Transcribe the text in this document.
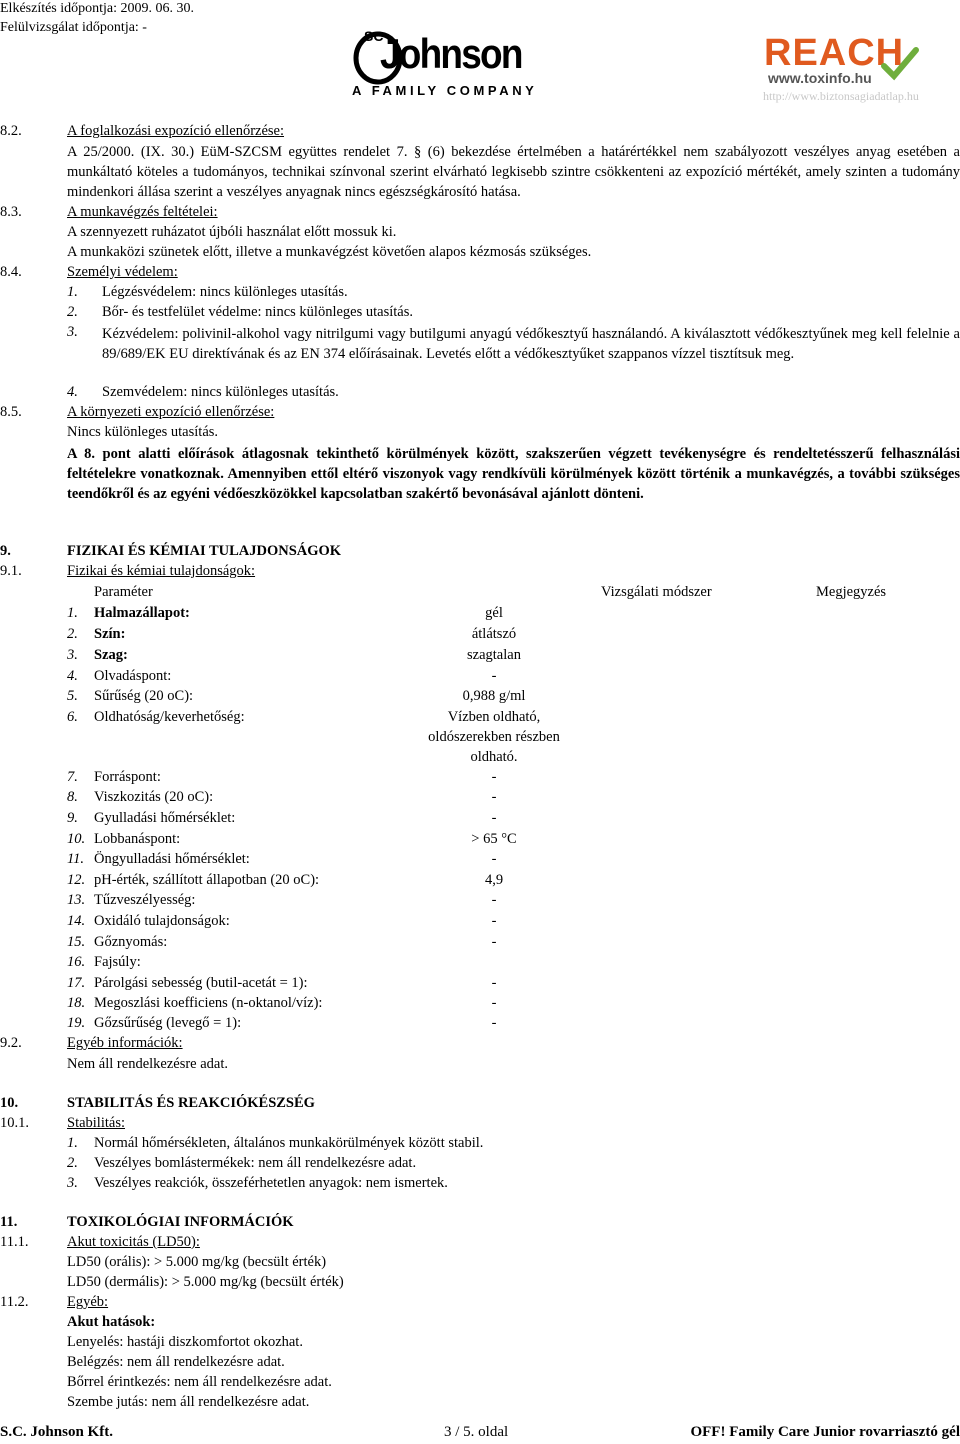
Elkészítés időpontja: 2009. 06. 30.
Felülvizsgálat időpontja: -
SC
Johnson
A FAMILY COMPANY
REACH
www.toxinfo.hu
http://www.biztonsagiadatlap.hu
8.2.	A foglalkozási expozíció ellenőrzése:
A 25/2000. (IX. 30.) EüM-SZCSM együttes rendelet 7. § (6) bekezdése értelmében a határértékkel nem szabályozott veszélyes anyag esetében a munkáltató köteles a tudományos, technikai színvonal szerint elvárható legkisebb szintre csökkenteni az expozíció mértékét, amely szinten a tudomány mindenkori állása szerint a veszélyes anyagnak nincs egészségkárosító hatása.
8.3.	A munkavégzés feltételei:
A szennyezett ruházatot újbóli használat előtt mossuk ki.
A munkaközi szünetek előtt, illetve a munkavégzést követően alapos kézmosás szükséges.
8.4.	Személyi védelem:
1. Légzésvédelem: nincs különleges utasítás.
2. Bőr- és testfelület védelme: nincs különleges utasítás.
3. Kézvédelem: polivinil-alkohol vagy nitrilgumi vagy butilgumi anyagú védőkesztyű használandó. A kiválasztott védőkesztyűnek meg kell felelnie a 89/689/EK EU direktívának és az EN 374 előírásainak. Levetés előtt a védőkesztyűket szappanos vízzel tisztítsuk meg.
4. Szemvédelem: nincs különleges utasítás.
8.5.	A környezeti expozíció ellenőrzése:
Nincs különleges utasítás.
A 8. pont alatti előírások átlagosnak tekinthető körülmények között, szakszerűen végzett tevékenységre és rendeltetésszerű felhasználási feltételekre vonatkoznak. Amennyiben ettől eltérő viszonyok vagy rendkívüli körülmények között történik a munkavégzés, a további szükséges teendőkről és az egyéni védőeszközökkel kapcsolatban szakértő bevonásával ajánlott dönteni.
9.	FIZIKAI ÉS KÉMIAI TULAJDONSÁGOK
9.1.	Fizikai és kémiai tulajdonságok:
Paraméter	Vizsgálati módszer	Megjegyzés
1. Halmazállapot:	gél
2. Szín:	átlátszó
3. Szag:	szagtalan
4. Olvadáspont:	-
5. Sűrűség (20 oC):	0,988 g/ml
6. Oldhatóság/keverhetőség:	Vízben oldható,
oldószerekben részben
oldható.
7. Forráspont:	-
8. Viszkozitás (20 oC):	-
9. Gyulladási hőmérséklet:	-
10. Lobbanáspont:	> 65 °C
11. Öngyulladási hőmérséklet:	-
12. pH-érték, szállított állapotban (20 oC):	4,9
13. Tűzveszélyesség:	-
14. Oxidáló tulajdonságok:	-
15. Gőznyomás:	-
16. Fajsúly:
17. Párolgási sebesség (butil-acetát = 1):	-
18. Megoszlási koefficiens (n-oktanol/víz):	-
19. Gőzsűrűség (levegő = 1):	-
9.2.	Egyéb információk:
Nem áll rendelkezésre adat.
10.	STABILITÁS ÉS REAKCIÓKÉSZSÉG
10.1.	Stabilitás:
1. Normál hőmérsékleten, általános munkakörülmények között stabil.
2. Veszélyes bomlástermékek: nem áll rendelkezésre adat.
3. Veszélyes reakciók, összeférhetetlen anyagok: nem ismertek.
11.	TOXIKOLÓGIAI INFORMÁCIÓK
11.1.	Akut toxicitás (LD50):
LD50 (orális): > 5.000 mg/kg (becsült érték)
LD50 (dermális): > 5.000 mg/kg (becsült érték)
11.2.	Egyéb:
Akut hatások:
Lenyelés: hastáji diszkomfortot okozhat.
Belégzés: nem áll rendelkezésre adat.
Bőrrel érintkezés: nem áll rendelkezésre adat.
Szembe jutás: nem áll rendelkezésre adat.
S.C. Johnson Kft.	3 / 5. oldal	OFF! Family Care Junior rovarriasztó gél
